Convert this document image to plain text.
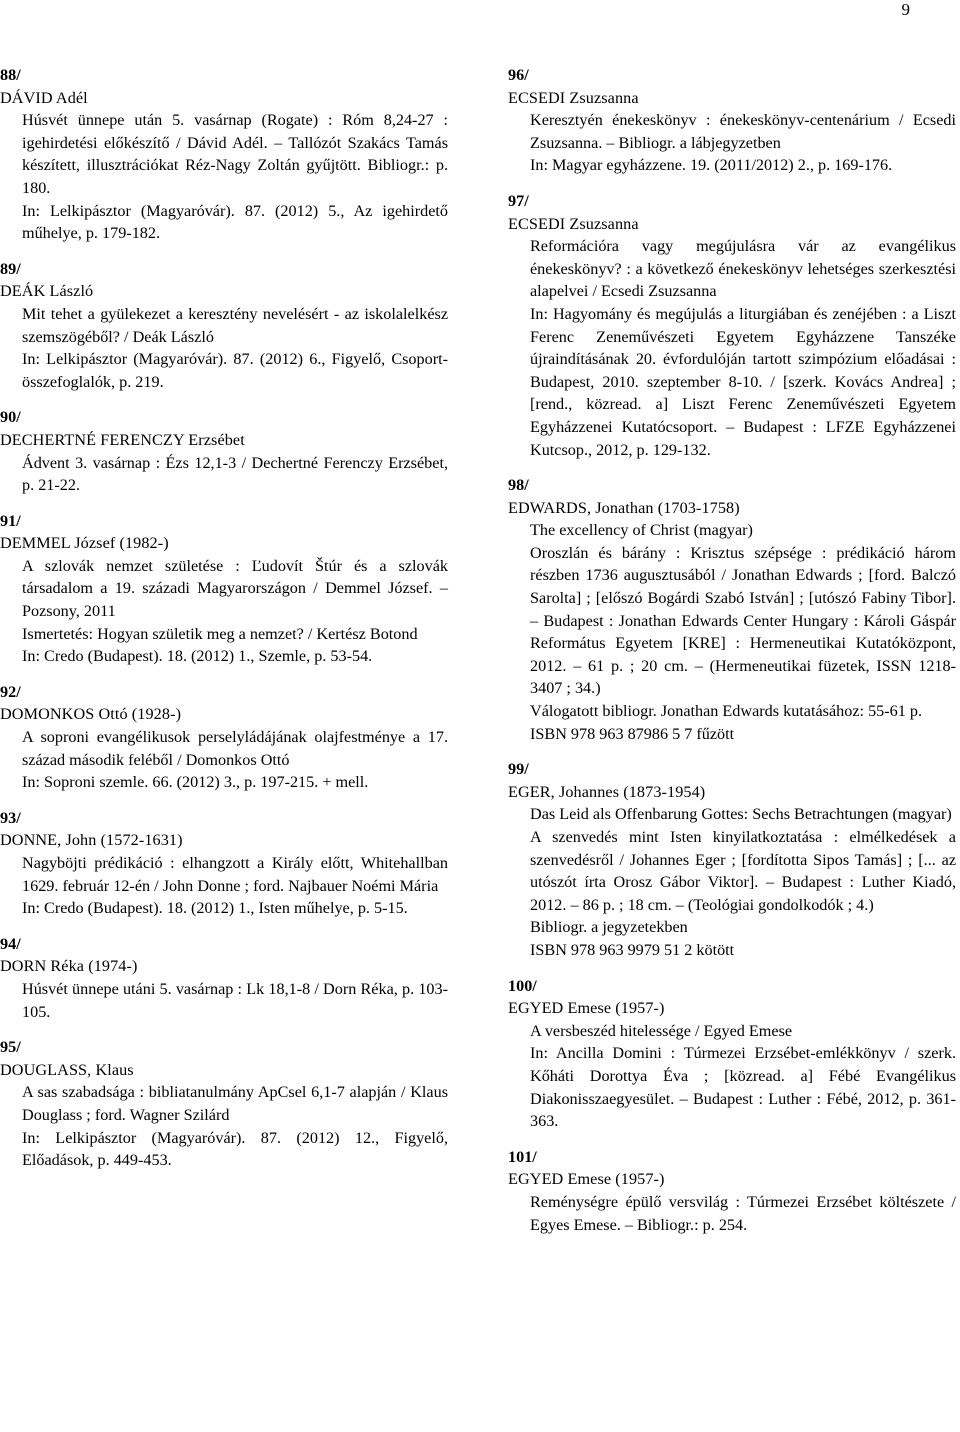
9
88/
DÁVID Adél
Húsvét ünnepe után 5. vasárnap (Rogate) : Róm 8,24-27 : igehirdetési előkészítő / Dávid Adél. – Tallózót Szakács Tamás készített, illusztrációkat Réz-Nagy Zoltán gyűjtött. Bibliogr.: p. 180.
In: Lelkipásztor (Magyaróvár). 87. (2012) 5., Az igehirdető műhelye, p. 179-182.
89/
DEÁK László
Mit tehet a gyülekezet a keresztény nevelésért - az iskolalelkész szemszögéből? / Deák László
In: Lelkipásztor (Magyaróvár). 87. (2012) 6., Figyelő, Csoport-összefoglalók, p. 219.
90/
DECHERTNÉ FERENCZY Erzsébet
Ádvent 3. vasárnap : Ézs 12,1-3 / Dechertné Ferenczy Erzsébet, p. 21-22.
91/
DEMMEL József (1982-)
A szlovák nemzet születése : Ľudovít Štúr és a szlovák társadalom a 19. századi Magyarországon / Demmel József. – Pozsony, 2011
Ismertetés: Hogyan születik meg a nemzet? / Kertész Botond
In: Credo (Budapest). 18. (2012) 1., Szemle, p. 53-54.
92/
DOMONKOS Ottó (1928-)
A soproni evangélikusok perselyládájának olajfestménye a 17. század második feléből / Domonkos Ottó
In: Soproni szemle. 66. (2012) 3., p. 197-215. + mell.
93/
DONNE, John (1572-1631)
Nagyböjti prédikáció : elhangzott a Király előtt, Whitehallban 1629. február 12-én / John Donne ; ford. Najbauer Noémi Mária
In: Credo (Budapest). 18. (2012) 1., Isten műhelye, p. 5-15.
94/
DORN Réka (1974-)
Húsvét ünnepe utáni 5. vasárnap : Lk 18,1-8 / Dorn Réka, p. 103-105.
95/
DOUGLASS, Klaus
A sas szabadsága : bibliatanulmány ApCsel 6,1-7 alapján / Klaus Douglass ; ford. Wagner Szilárd
In: Lelkipásztor (Magyaróvár). 87. (2012) 12., Figyelő, Előadások, p. 449-453.
96/
ECSEDI Zsuzsanna
Keresztyén énekeskönyv : énekeskönyv-centenárium / Ecsedi Zsuzsanna. – Bibliogr. a lábjegyzetben
In: Magyar egyházzene. 19. (2011/2012) 2., p. 169-176.
97/
ECSEDI Zsuzsanna
Reformációra vagy megújulásra vár az evangélikus énekeskönyv? : a következő énekeskönyv lehetséges szerkesztési alapelvei / Ecsedi Zsuzsanna
In: Hagyomány és megújulás a liturgiában és zenéjében : a Liszt Ferenc Zeneművészeti Egyetem Egyházzene Tanszéke újraindításának 20. évfordulóján tartott szimpózium előadásai : Budapest, 2010. szeptember 8-10. / [szerk. Kovács Andrea] ; [rend., közread. a] Liszt Ferenc Zeneművészeti Egyetem Egyházzenei Kutatócsoport. – Budapest : LFZE Egyházzenei Kutcsop., 2012, p. 129-132.
98/
EDWARDS, Jonathan (1703-1758)
The excellency of Christ (magyar)
Oroszlán és bárány : Krisztus szépsége : prédikáció három részben 1736 augusztusából / Jonathan Edwards ; [ford. Balczó Sarolta] ; [előszó Bogárdi Szabó István] ; [utószó Fabiny Tibor]. – Budapest : Jonathan Edwards Center Hungary : Károli Gáspár Református Egyetem [KRE] : Hermeneutikai Kutatóközpont, 2012. – 61 p. ; 20 cm. – (Hermeneutikai füzetek, ISSN 1218-3407 ; 34.)
Válogatott bibliogr. Jonathan Edwards kutatásához: 55-61 p.
ISBN 978 963 87986 5 7 fűzött
99/
EGER, Johannes (1873-1954)
Das Leid als Offenbarung Gottes: Sechs Betrachtungen (magyar)
A szenvedés mint Isten kinyilatkoztatása : elmélkedések a szenvedésről / Johannes Eger ; [fordította Sipos Tamás] ; [... az utószót írta Orosz Gábor Viktor]. – Budapest : Luther Kiadó, 2012. – 86 p. ; 18 cm. – (Teológiai gondolkodók ; 4.)
Bibliogr. a jegyzetekben
ISBN 978 963 9979 51 2 kötött
100/
EGYED Emese (1957-)
A versbeszéd hitelessége / Egyed Emese
In: Ancilla Domini : Túrmezei Erzsébet-emlékkönyv / szerk. Kőháti Dorottya Éva ; [közread. a] Fébé Evangélikus Diakonisszaegyesület. – Budapest : Luther : Fébé, 2012, p. 361-363.
101/
EGYED Emese (1957-)
Reménységre épülő versvilág : Túrmezei Erzsébet költészete / Egyes Emese. – Bibliogr.: p. 254.
